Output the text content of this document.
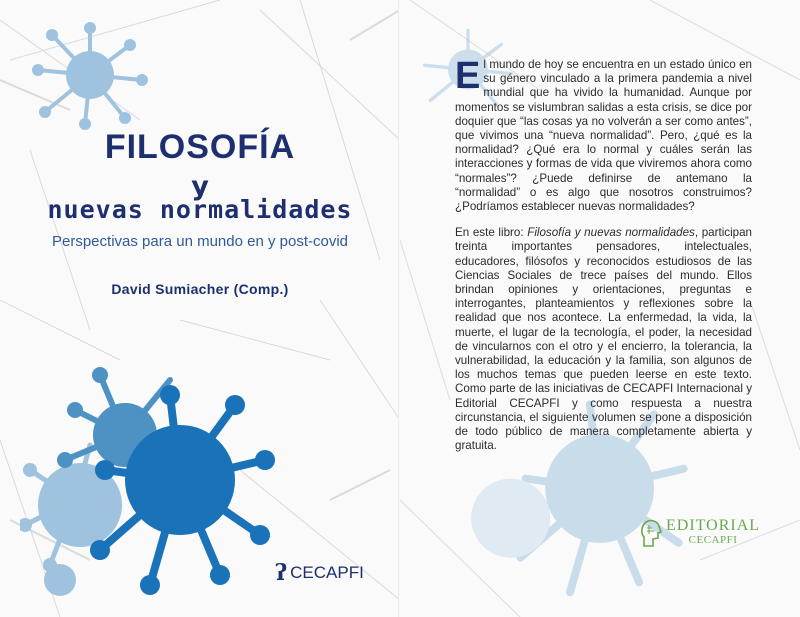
FILOSOFÍA
y
nuevas normalidades
Perspectivas para un mundo en y post-covid
David Sumiacher (Comp.)
ʔ CECAPFI

El mundo de hoy se encuentra en un estado único en su género vinculado a la primera pandemia a nivel mundial que ha vivido la humanidad. Aunque por momentos se vislumbran salidas a esta crisis, se dice por doquier que “las cosas ya no volverán a ser como antes”, que vivimos una “nueva normalidad”. Pero, ¿qué es la normalidad? ¿Qué era lo normal y cuáles serán las interacciones y formas de vida que viviremos ahora como “normales”? ¿Puede definirse de antemano la “normalidad” o es algo que nosotros construimos? ¿Podríamos establecer nuevas normalidades?

En este libro: Filosofía y nuevas normalidades, participan treinta importantes pensadores, intelectuales, educadores, filósofos y reconocidos estudiosos de las Ciencias Sociales de trece países del mundo. Ellos brindan opiniones y orientaciones, preguntas e interrogantes, planteamientos y reflexiones sobre la realidad que nos acontece. La enfermedad, la vida, la muerte, el lugar de la tecnología, el poder, la necesidad de vincularnos con el otro y el encierro, la tolerancia, la vulnerabilidad, la educación y la familia, son algunos de los muchos temas que pueden leerse en este texto. Como parte de las iniciativas de CECAPFI Internacional y Editorial CECAPFI y como respuesta a nuestra circunstancia, el siguiente volumen se pone a disposición de todo público de manera completamente abierta y gratuita.

EDITORIAL
CECAPFI
